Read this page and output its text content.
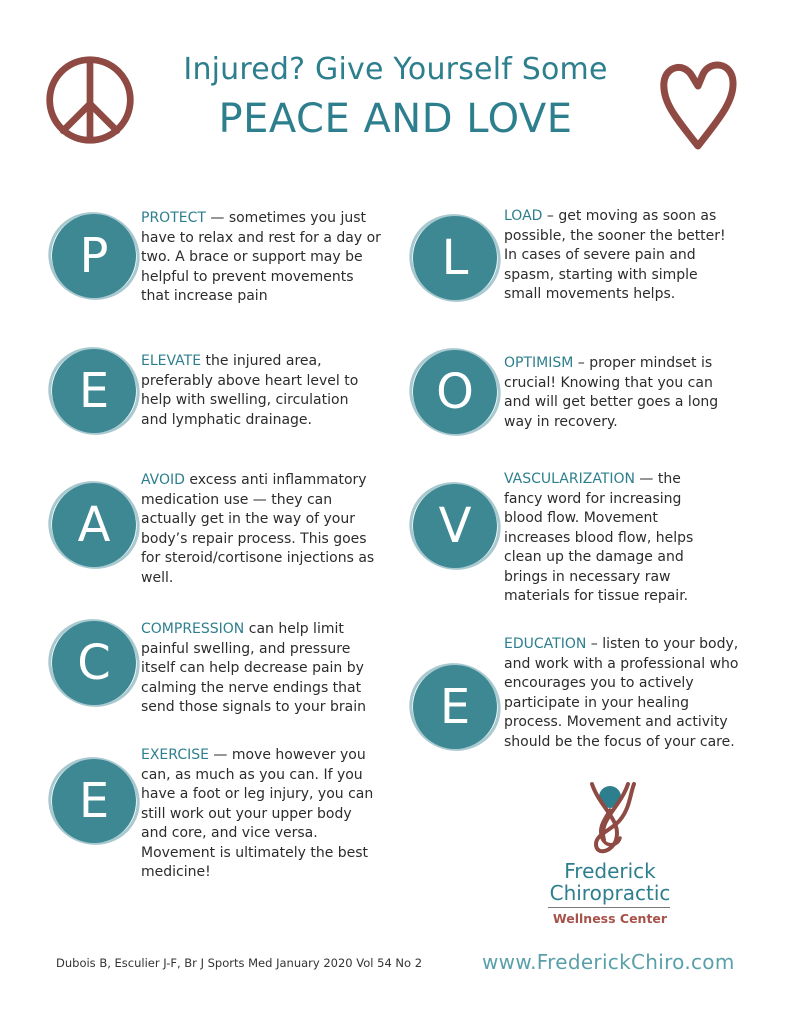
Injured? Give Yourself Some
PEACE AND LOVE
P
PROTECT — sometimes you just have to relax and rest for a day or two. A brace or support may be helpful to prevent movements that increase pain
E
ELEVATE the injured area, preferably above heart level to help with swelling, circulation and lymphatic drainage.
A
AVOID excess anti inflammatory medication use — they can actually get in the way of your body’s repair process. This goes for steroid/cortisone injections as well.
C
COMPRESSION can help limit painful swelling, and pressure itself can help decrease pain by calming the nerve endings that send those signals to your brain
E
EXERCISE — move however you can, as much as you can. If you have a foot or leg injury, you can still work out your upper body and core, and vice versa. Movement is ultimately the best medicine!
L
LOAD – get moving as soon as possible, the sooner the better! In cases of severe pain and spasm, starting with simple small movements helps.
O
OPTIMISM – proper mindset is crucial! Knowing that you can and will get better goes a long way in recovery.
V
VASCULARIZATION — the fancy word for increasing blood flow. Movement increases blood flow, helps clean up the damage and brings in necessary raw materials for tissue repair.
E
EDUCATION – listen to your body, and work with a professional who encourages you to actively participate in your healing process. Movement and activity should be the focus of your care.
Frederick
Chiropractic
Wellness Center
Dubois B, Esculier J-F, Br J Sports Med January 2020 Vol 54 No 2	www.FrederickChiro.com
